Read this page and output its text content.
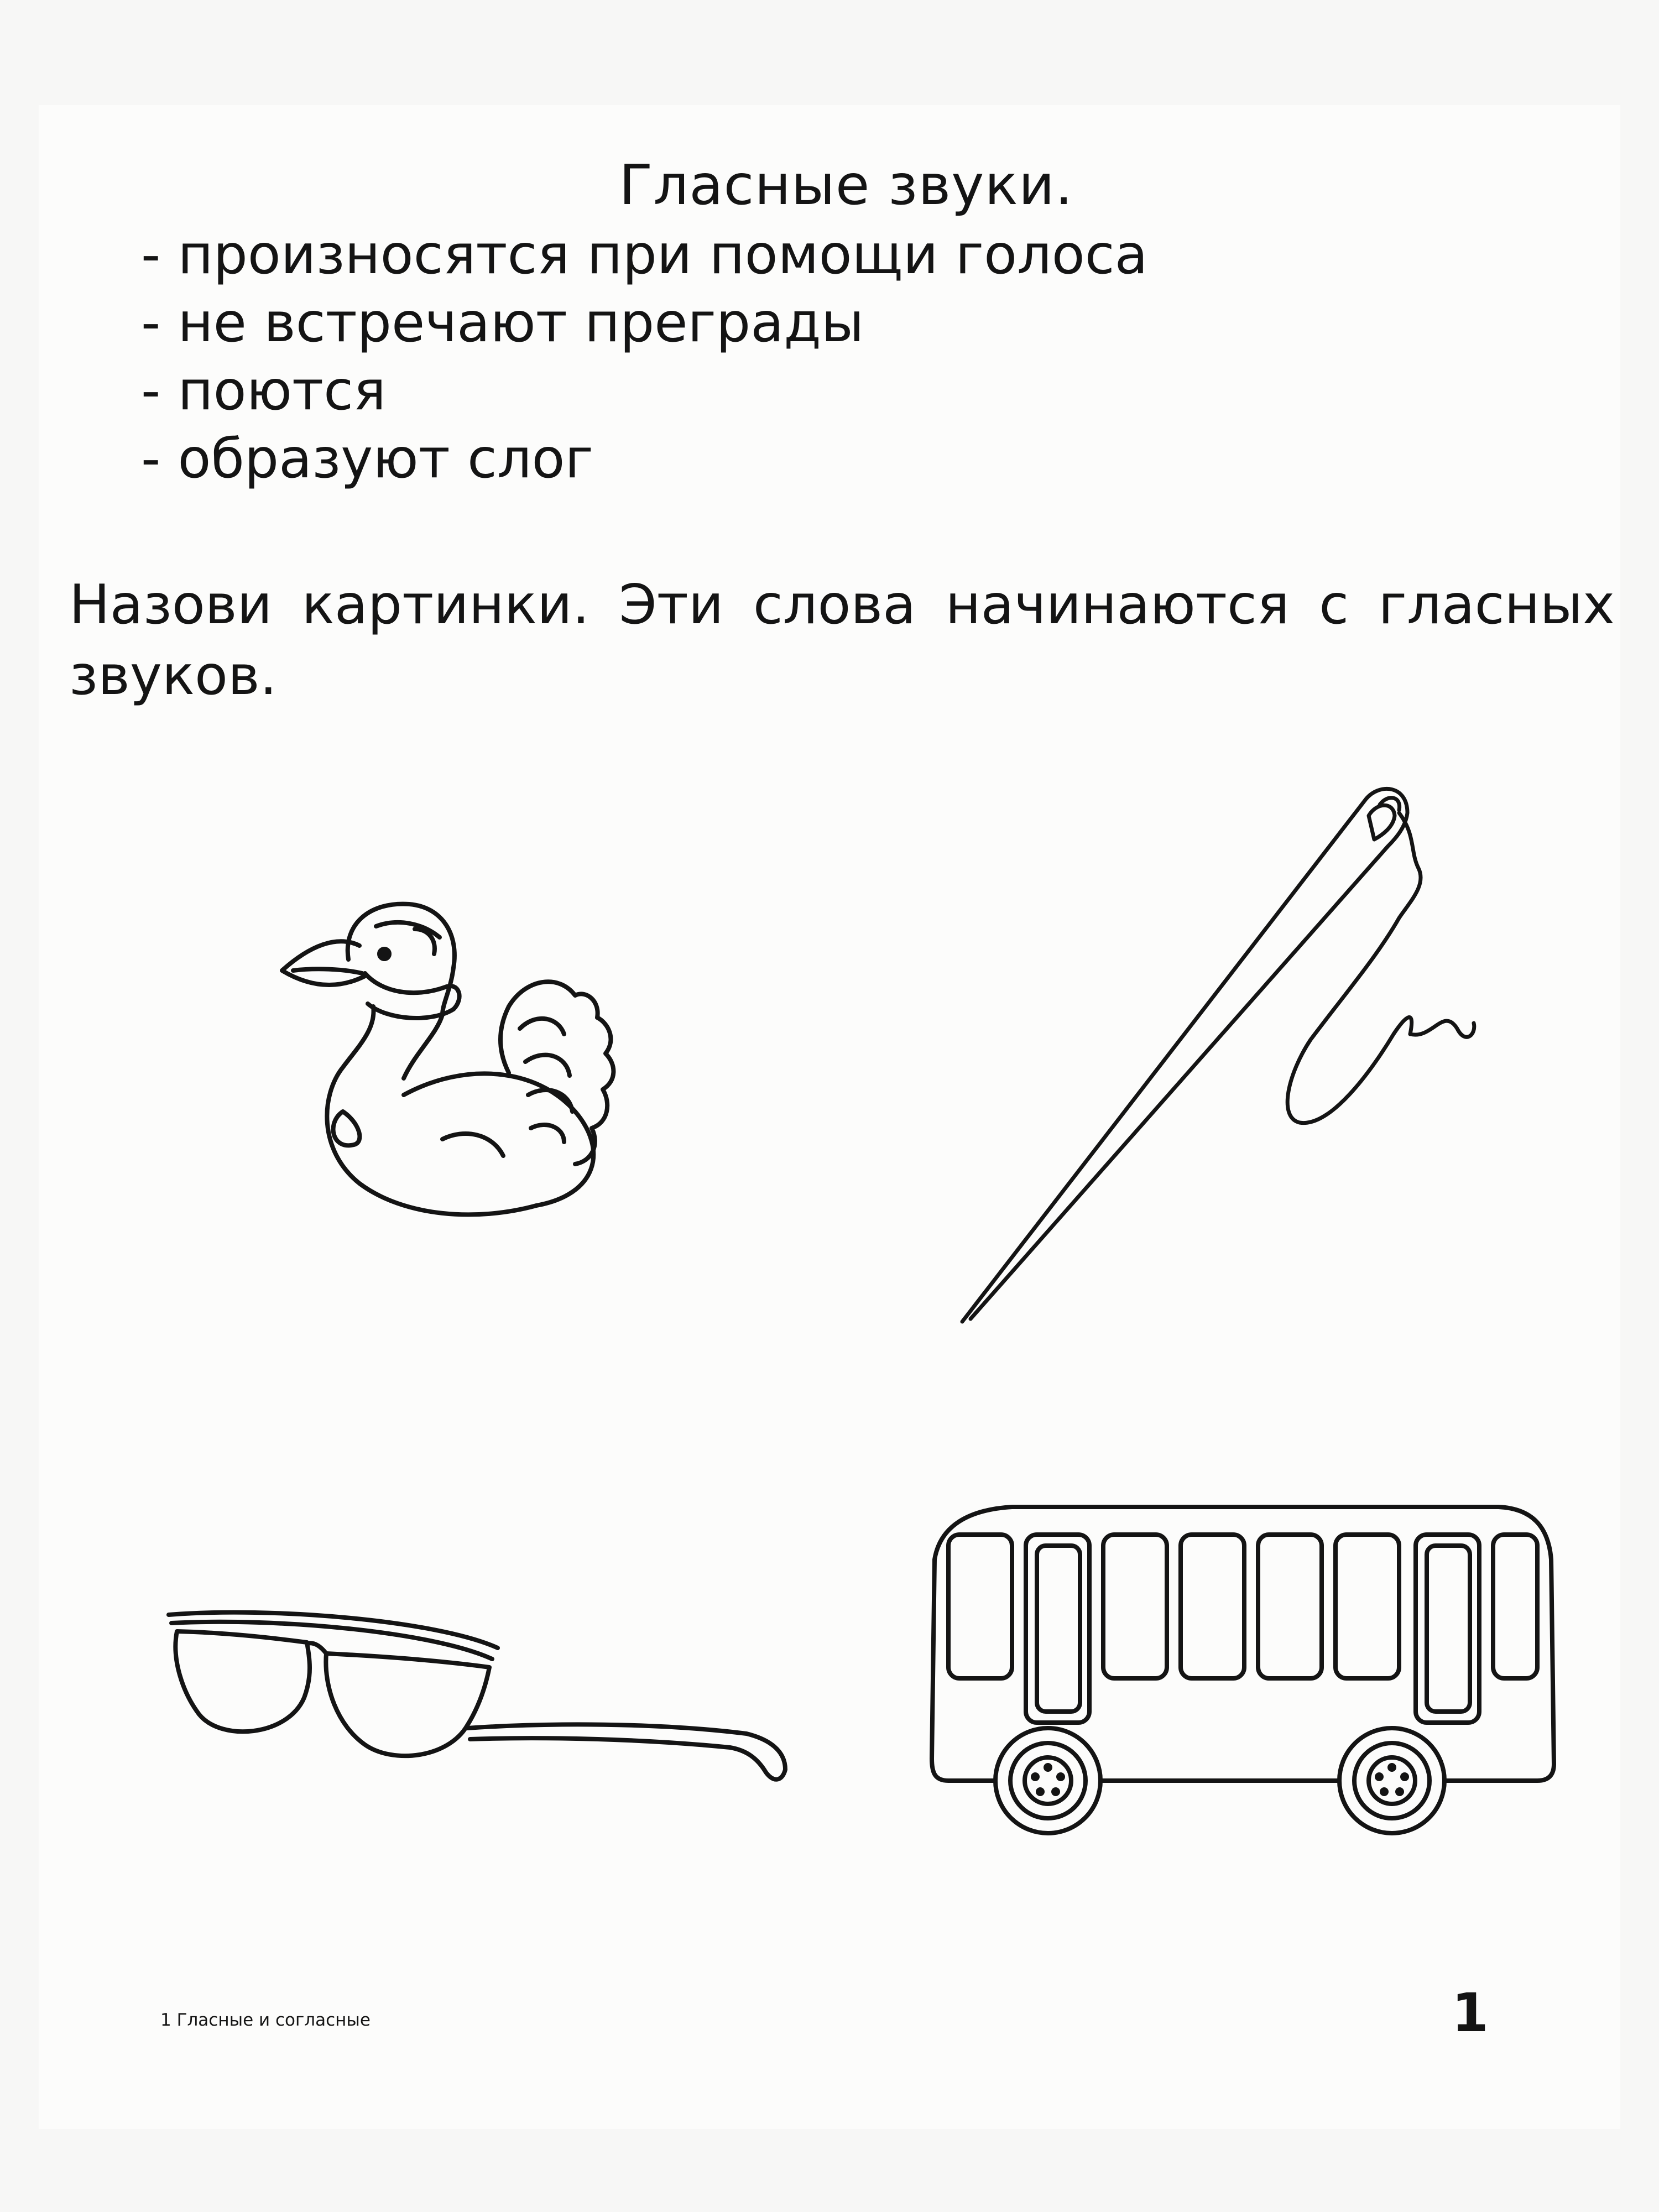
Гласные звуки.
- произносятся при помощи голоса
- не встречают преграды
- поются
- образуют слог

Назови картинки. Эти слова начинаются с гласных звуков.

1 Гласные и согласные	1
